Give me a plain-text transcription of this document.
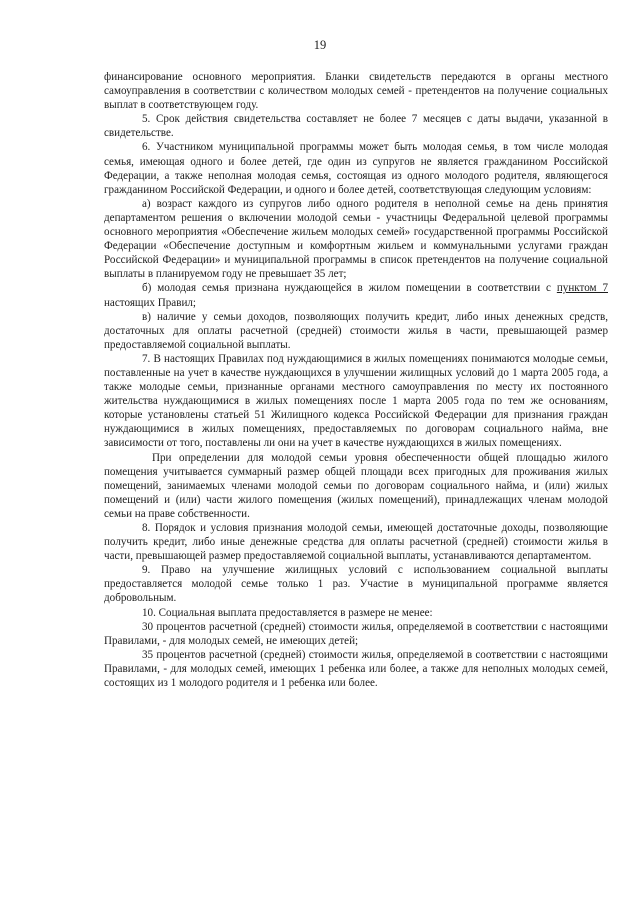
19

финансирование основного мероприятия. Бланки свидетельств передаются в органы местного самоуправления в соответствии с количеством молодых семей - претендентов на получение социальных выплат в соответствующем году.

5. Срок действия свидетельства составляет не более 7 месяцев с даты выдачи, указанной в свидетельстве.

6. Участником муниципальной программы может быть молодая семья, в том числе молодая семья, имеющая одного и более детей, где один из супругов не является гражданином Российской Федерации, а также неполная молодая семья, состоящая из одного молодого родителя, являющегося гражданином Российской Федерации, и одного и более детей, соответствующая следующим условиям:

а) возраст каждого из супругов либо одного родителя в неполной семье на день принятия департаментом решения о включении молодой семьи - участницы Федеральной целевой программы основного мероприятия «Обеспечение жильем молодых семей» государственной программы Российской Федерации «Обеспечение доступным и комфортным жильем и коммунальными услугами граждан Российской Федерации» и муниципальной программы в список претендентов на получение социальной выплаты в планируемом году не превышает 35 лет;

б) молодая семья признана нуждающейся в жилом помещении в соответствии с пунктом 7 настоящих Правил;

в) наличие у семьи доходов, позволяющих получить кредит, либо иных денежных средств, достаточных для оплаты расчетной (средней) стоимости жилья в части, превышающей размер предоставляемой социальной выплаты.

7. В настоящих Правилах под нуждающимися в жилых помещениях понимаются молодые семьи, поставленные на учет в качестве нуждающихся в улучшении жилищных условий до 1 марта 2005 года, а также молодые семьи, признанные органами местного самоуправления по месту их постоянного жительства нуждающимися в жилых помещениях после 1 марта 2005 года по тем же основаниям, которые установлены статьей 51 Жилищного кодекса Российской Федерации для признания граждан нуждающимися в жилых помещениях, предоставляемых по договорам социального найма, вне зависимости от того, поставлены ли они на учет в качестве нуждающихся в жилых помещениях.

При определении для молодой семьи уровня обеспеченности общей площадью жилого помещения учитывается суммарный размер общей площади всех пригодных для проживания жилых помещений, занимаемых членами молодой семьи по договорам социального найма, и (или) жилых помещений и (или) части жилого помещения (жилых помещений), принадлежащих членам молодой семьи на праве собственности.

8. Порядок и условия признания молодой семьи, имеющей достаточные доходы, позволяющие получить кредит, либо иные денежные средства для оплаты расчетной (средней) стоимости жилья в части, превышающей размер предоставляемой социальной выплаты, устанавливаются департаментом.

9. Право на улучшение жилищных условий с использованием социальной выплаты предоставляется молодой семье только 1 раз. Участие в муниципальной программе является добровольным.

10. Социальная выплата предоставляется в размере не менее:

30 процентов расчетной (средней) стоимости жилья, определяемой в соответствии с настоящими Правилами, - для молодых семей, не имеющих детей;

35 процентов расчетной (средней) стоимости жилья, определяемой в соответствии с настоящими Правилами, - для молодых семей, имеющих 1 ребенка или более, а также для неполных молодых семей, состоящих из 1 молодого родителя и 1 ребенка или более.
